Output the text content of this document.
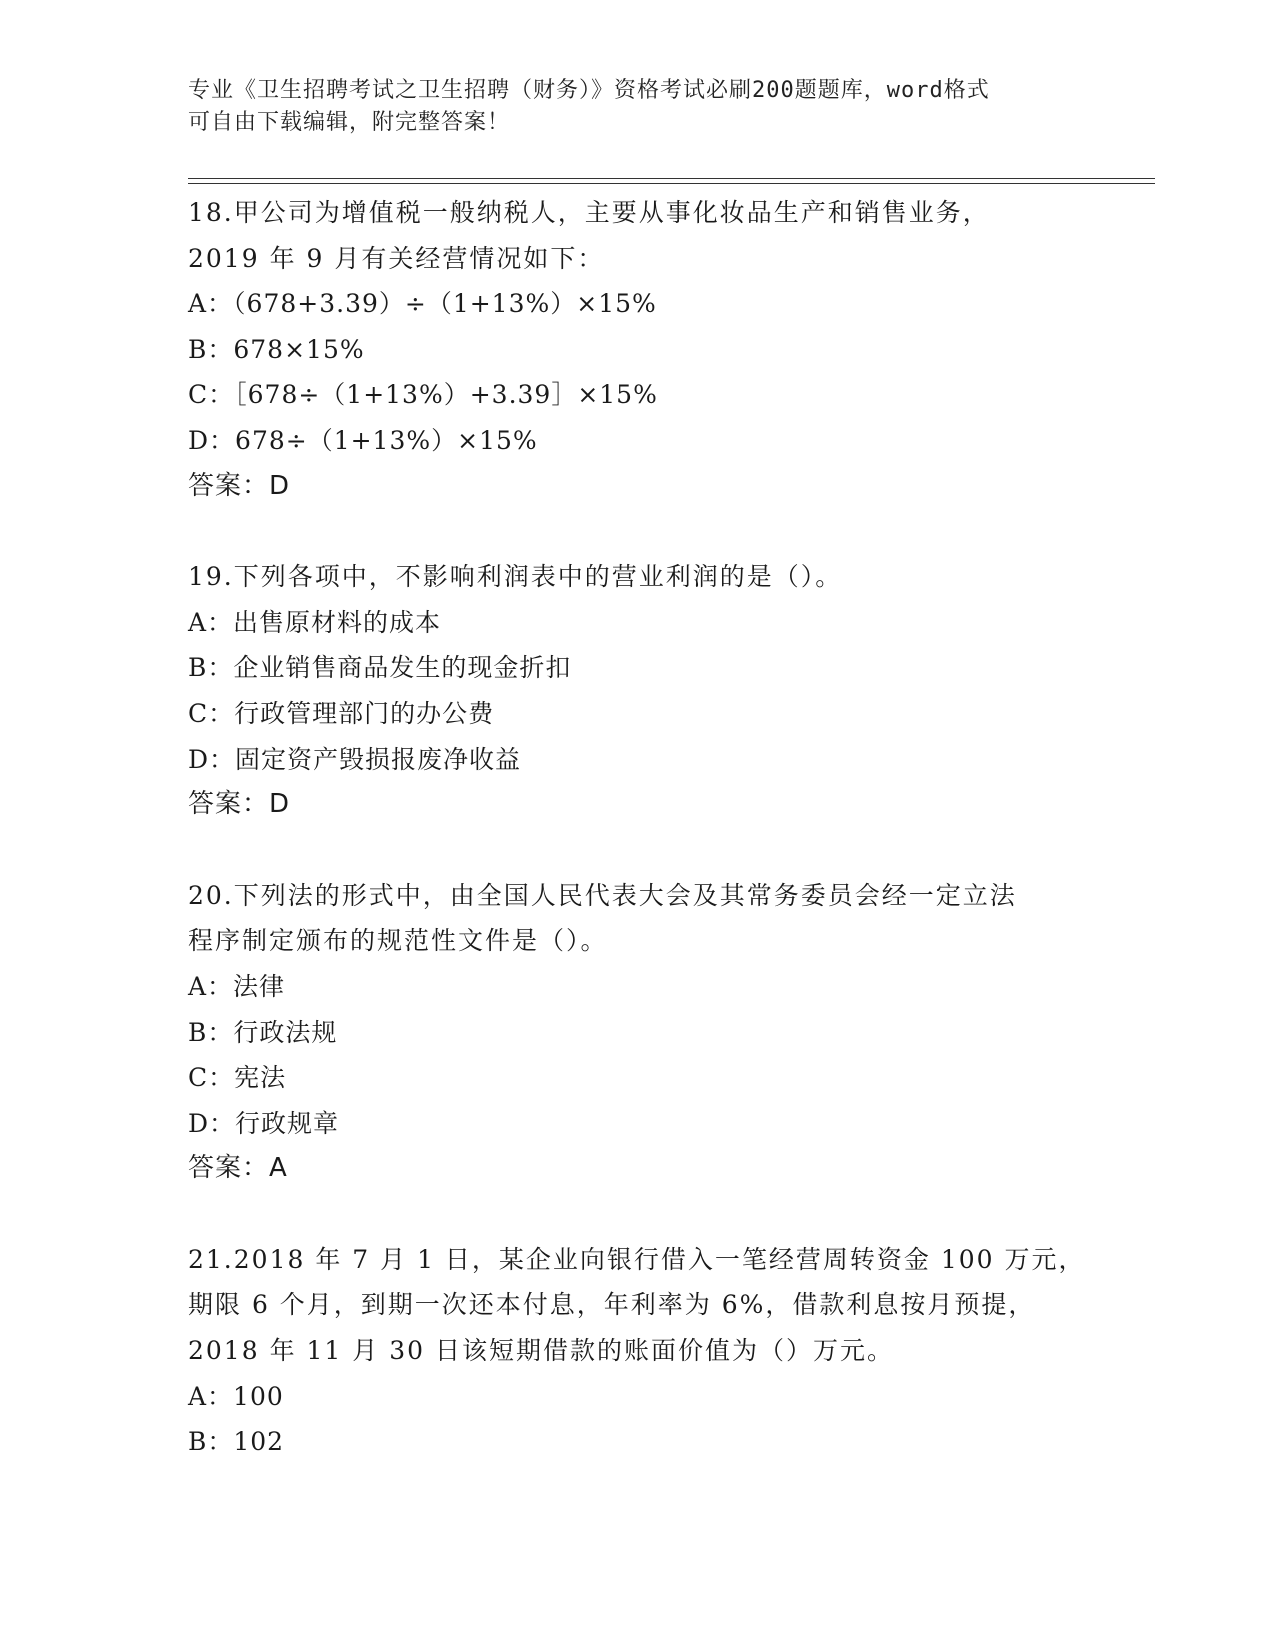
专业《卫生招聘考试之卫生招聘（财务）》资格考试必刷200题题库，word格式
可自由下载编辑，附完整答案！
18.甲公司为增值税一般纳税人，主要从事化妆品生产和销售业务，
2019 年 9 月有关经营情况如下：
A：（678+3.39）÷（1+13%）×15%
B：678×15%
C：［678÷（1+13%）+3.39］×15%
D：678÷（1+13%）×15%
答案：D
19.下列各项中，不影响利润表中的营业利润的是（）。
A：出售原材料的成本
B：企业销售商品发生的现金折扣
C：行政管理部门的办公费
D：固定资产毁损报废净收益
答案：D
20.下列法的形式中，由全国人民代表大会及其常务委员会经一定立法
程序制定颁布的规范性文件是（）。
A：法律
B：行政法规
C：宪法
D：行政规章
答案：A
21.2018 年 7 月 1 日，某企业向银行借入一笔经营周转资金 100 万元，
期限 6 个月，到期一次还本付息，年利率为 6%，借款利息按月预提，
2018 年 11 月 30 日该短期借款的账面价值为（）万元。
A：100
B：102
